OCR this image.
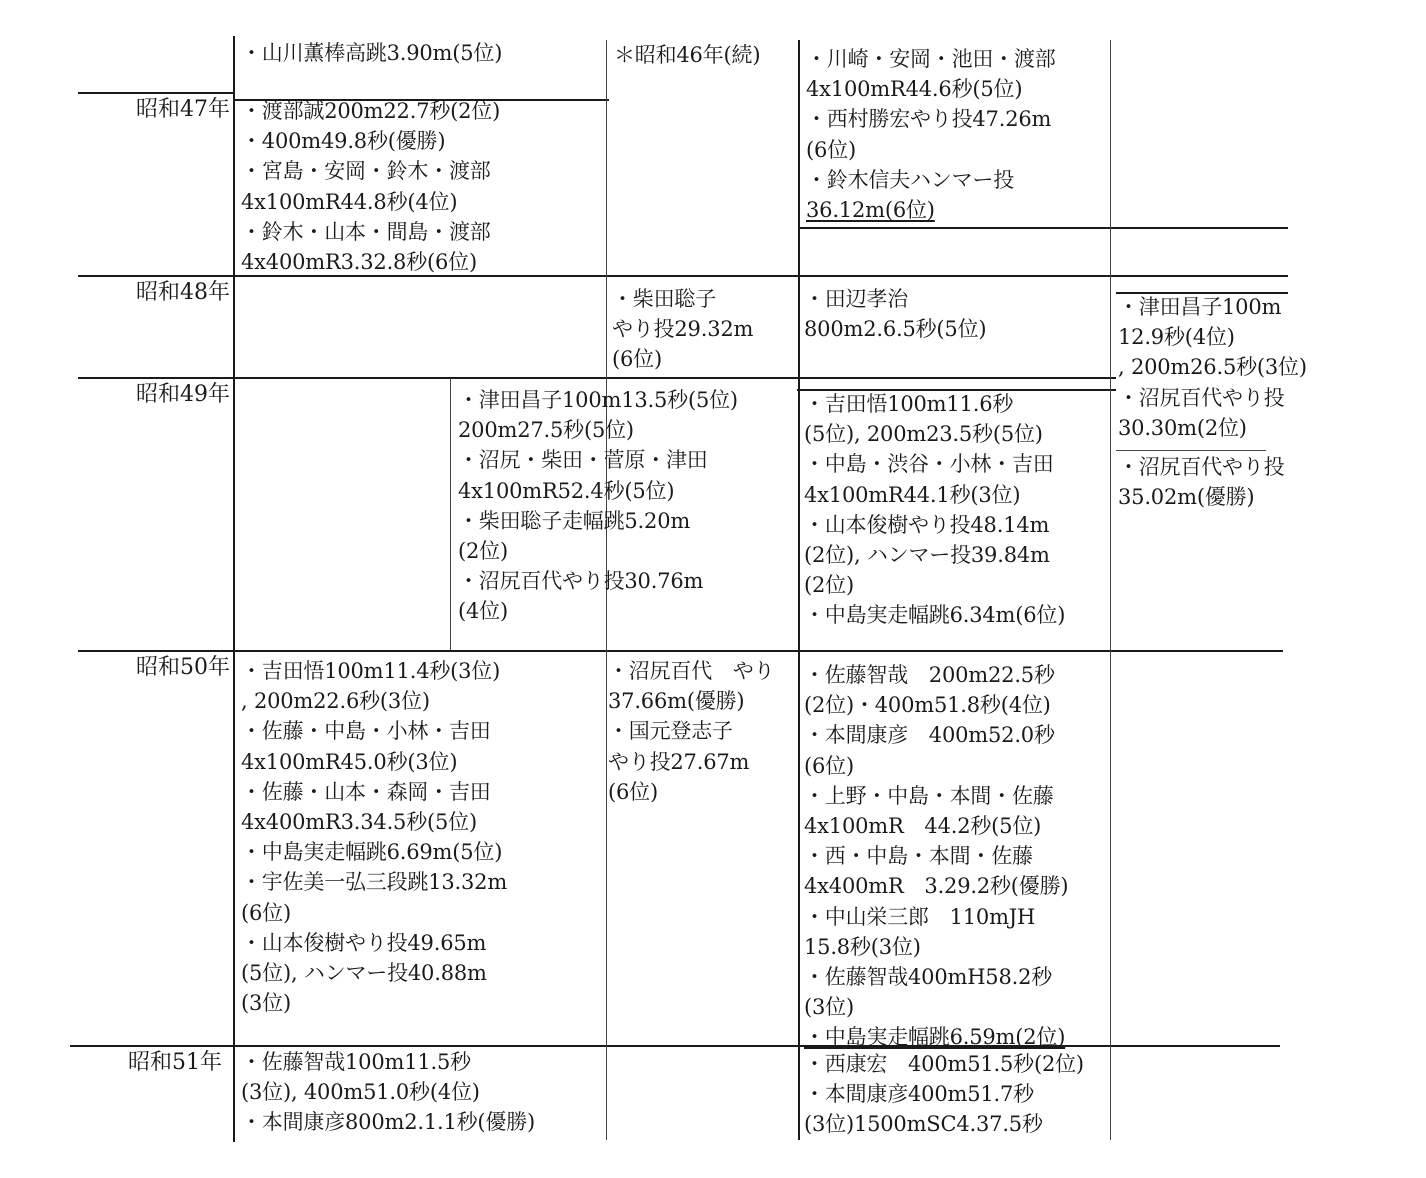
昭和47年
昭和48年
昭和49年
昭和50年
昭和51年
・山川薫棒高跳3.90m(5位)	＊昭和46年(続) ・川崎・安岡・池田・渡部
4x100mR44.6秒(5位)
・西村勝宏やり投47.26m
(6位)
・鈴木信夫ハンマー投
36.12m(6位)
・渡部誠200m22.7秒(2位)
・400m49.8秒(優勝)
・宮島・安岡・鈴木・渡部
4x100mR44.8秒(4位)
・鈴木・山本・間島・渡部
4x400mR3.32.8秒(6位)
・柴田聡子
やり投29.32m
(6位)
・田辺孝治
800m2.6.5秒(5位)
・津田昌子100m
12.9秒(4位)
, 200m26.5秒(3位)
・沼尻百代やり投
30.30m(2位)
・沼尻百代やり投
35.02m(優勝)
・津田昌子100m13.5秒(5位)
200m27.5秒(5位)
・沼尻・柴田・菅原・津田
4x100mR52.4秒(5位)
・柴田聡子走幅跳5.20m
(2位)
・沼尻百代やり投30.76m
(4位)
・吉田悟100m11.6秒
(5位), 200m23.5秒(5位)
・中島・渋谷・小林・吉田
4x100mR44.1秒(3位)
・山本俊樹やり投48.14m
(2位), ハンマー投39.84m
(2位)
・中島実走幅跳6.34m(6位)
・吉田悟100m11.4秒(3位)
, 200m22.6秒(3位)
・佐藤・中島・小林・吉田
4x100mR45.0秒(3位)
・佐藤・山本・森岡・吉田
4x400mR3.34.5秒(5位)
・中島実走幅跳6.69m(5位)
・宇佐美一弘三段跳13.32m
(6位)
・山本俊樹やり投49.65m
(5位), ハンマー投40.88m
(3位)
・沼尻百代　やり
37.66m(優勝)
・国元登志子
やり投27.67m
(6位)
・佐藤智哉　200m22.5秒
(2位)・400m51.8秒(4位)
・本間康彦　400m52.0秒
(6位)
・上野・中島・本間・佐藤
4x100mR　44.2秒(5位)
・西・中島・本間・佐藤
4x400mR　3.29.2秒(優勝)
・中山栄三郎　110mJH
15.8秒(3位)
・佐藤智哉400mH58.2秒
(3位)
・中島実走幅跳6.59m(2位)
・佐藤智哉100m11.5秒
(3位), 400m51.0秒(4位)
・本間康彦800m2.1.1秒(優勝)
・西康宏　400m51.5秒(2位)
・本間康彦400m51.7秒
(3位)1500mSC4.37.5秒
